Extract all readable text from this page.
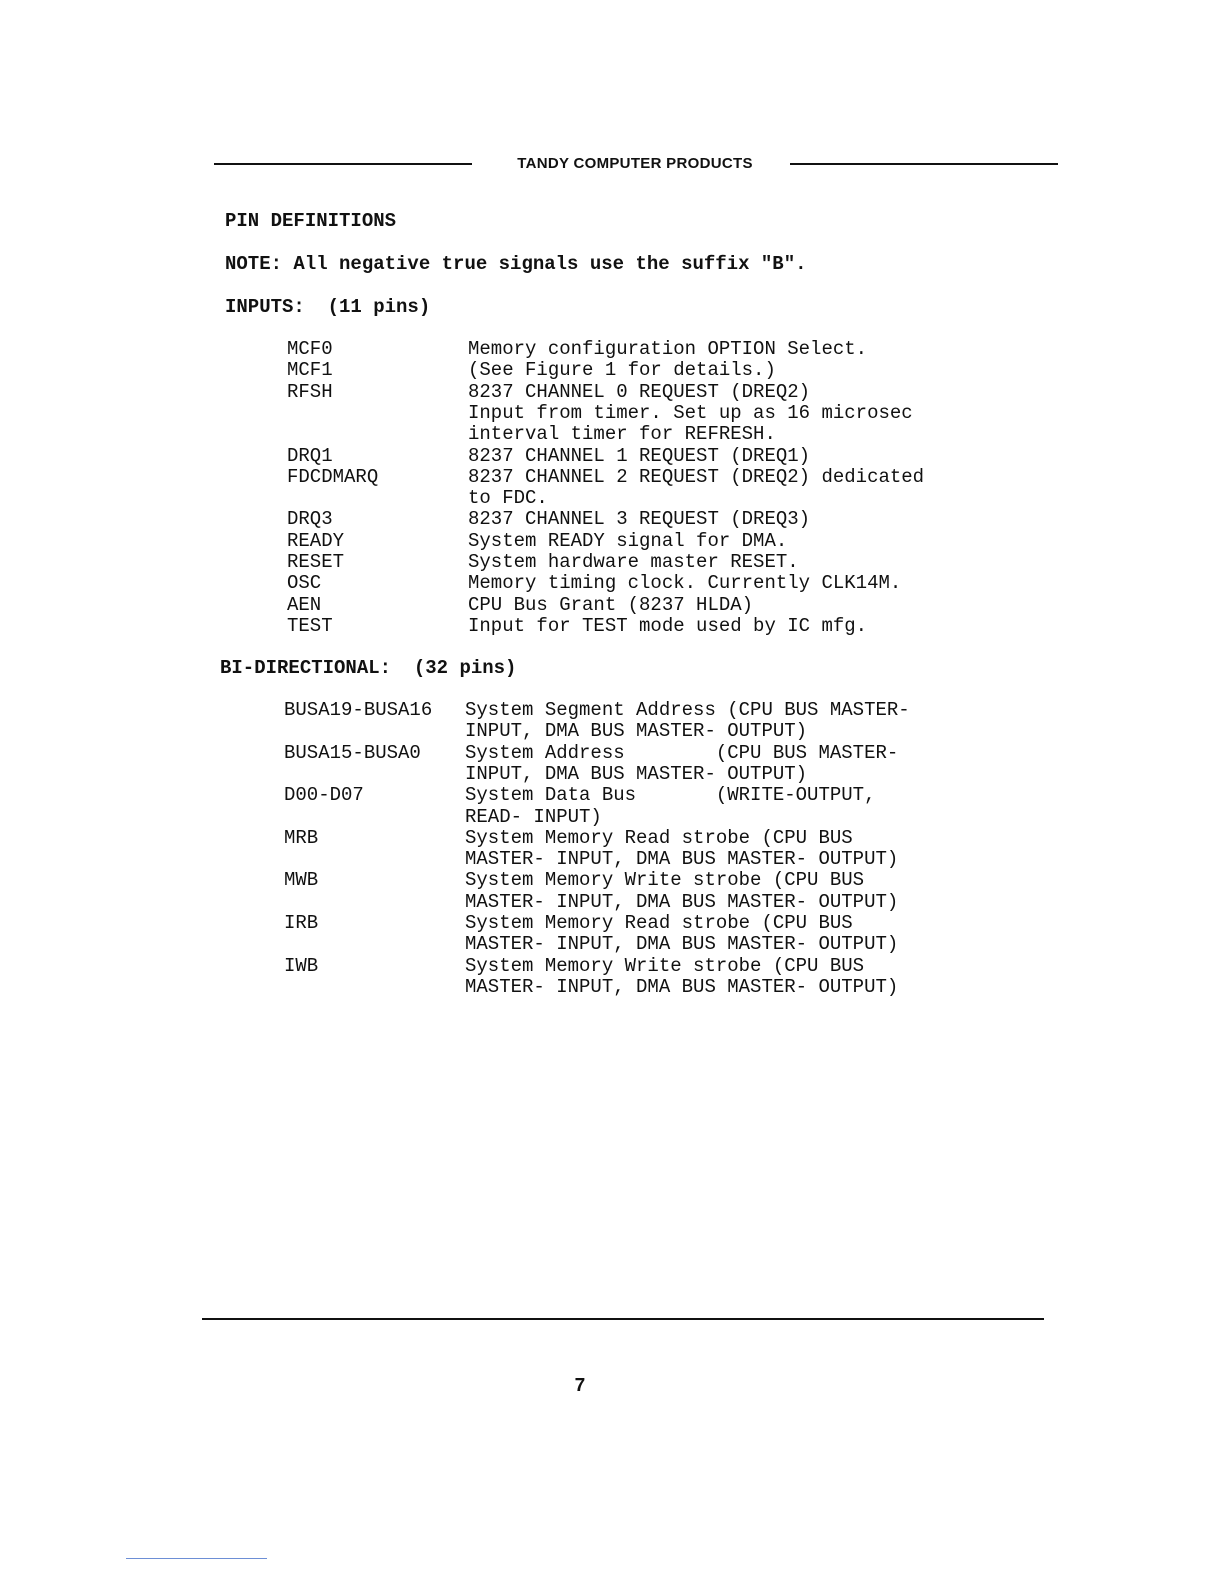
TANDY COMPUTER PRODUCTS
PIN DEFINITIONS
NOTE: All negative true signals use the suffix "B".
INPUTS:  (11 pins)
MCF0	Memory configuration OPTION Select.
MCF1	(See Figure 1 for details.)
RFSH	8237 CHANNEL 0 REQUEST (DREQ2)
Input from timer. Set up as 16 microsec
interval timer for REFRESH.
DRQ1	8237 CHANNEL 1 REQUEST (DREQ1)
FDCDMARQ	8237 CHANNEL 2 REQUEST (DREQ2) dedicated
to FDC.
DRQ3	8237 CHANNEL 3 REQUEST (DREQ3)
READY	System READY signal for DMA.
RESET	System hardware master RESET.
OSC	Memory timing clock. Currently CLK14M.
AEN	CPU Bus Grant (8237 HLDA)
TEST	Input for TEST mode used by IC mfg.
BI-DIRECTIONAL:  (32 pins)
BUSA19-BUSA16 System Segment Address (CPU BUS MASTER-
INPUT, DMA BUS MASTER- OUTPUT)
BUSA15-BUSA0 System Address        (CPU BUS MASTER-
INPUT, DMA BUS MASTER- OUTPUT)
D00-D07	System Data Bus       (WRITE-OUTPUT,
READ- INPUT)
MRB	System Memory Read strobe (CPU BUS
MASTER- INPUT, DMA BUS MASTER- OUTPUT)
MWB	System Memory Write strobe (CPU BUS
MASTER- INPUT, DMA BUS MASTER- OUTPUT)
IRB	System Memory Read strobe (CPU BUS
MASTER- INPUT, DMA BUS MASTER- OUTPUT)
IWB	System Memory Write strobe (CPU BUS
MASTER- INPUT, DMA BUS MASTER- OUTPUT)
7
